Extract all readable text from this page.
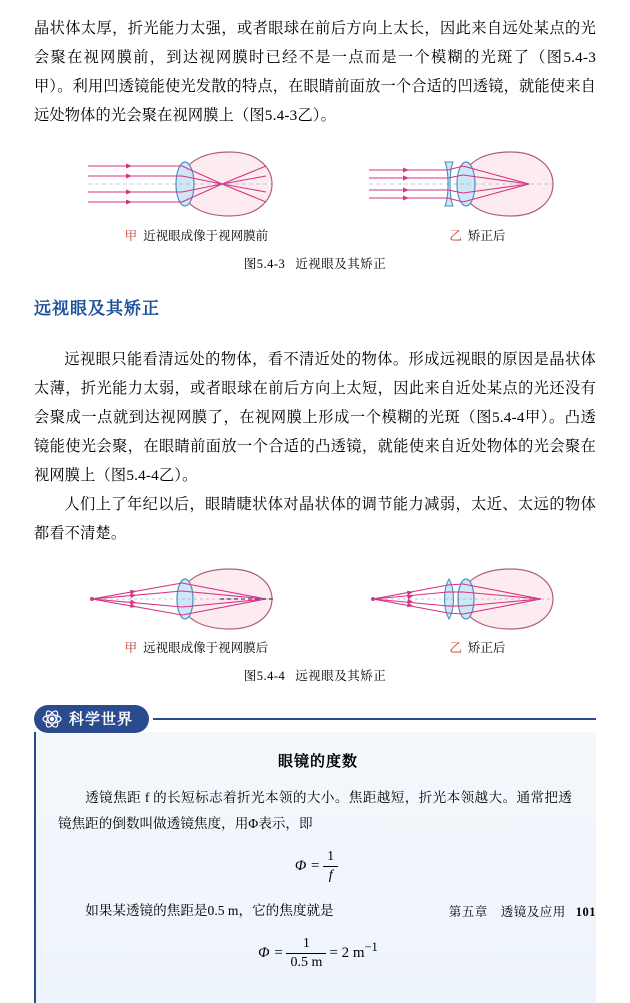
晶状体太厚，折光能力太强，或者眼球在前后方向上太长，因此来自远处某点的光会聚在视网膜前，到达视网膜时已经不是一点而是一个模糊的光斑了（图5.4-3甲）。利用凹透镜能使光发散的特点，在眼睛前面放一个合适的凹透镜，就能使来自远处物体的光会聚在视网膜上（图5.4-3乙）。

甲 近视眼成像于视网膜前	乙 矫正后
图5.4-3 近视眼及其矫正
远视眼及其矫正

远视眼只能看清远处的物体，看不清近处的物体。形成远视眼的原因是晶状体太薄，折光能力太弱，或者眼球在前后方向上太短，因此来自近处某点的光还没有会聚成一点就到达视网膜了，在视网膜上形成一个模糊的光斑（图5.4-4甲）。凸透镜能使光会聚，在眼睛前面放一个合适的凸透镜，就能使来自近处物体的光会聚在视网膜上（图5.4-4乙）。

人们上了年纪以后，眼睛睫状体对晶状体的调节能力减弱，太近、太远的物体都看不清楚。

甲 远视眼成像于视网膜后	乙 矫正后
图5.4-4 远视眼及其矫正
科学世界
眼镜的度数
透镜焦距 f 的长短标志着折光本领的大小。焦距越短，折光本领越大。通常把透镜焦距的倒数叫做透镜焦度，用Φ表示，即
$\Phi = \frac{1}{f}$
如果某透镜的焦距是0.5 m，它的焦度就是
$\Phi = \frac{1}{0.5 m} = 2$ $m^{-1}$
第五章　透镜及应用 101
